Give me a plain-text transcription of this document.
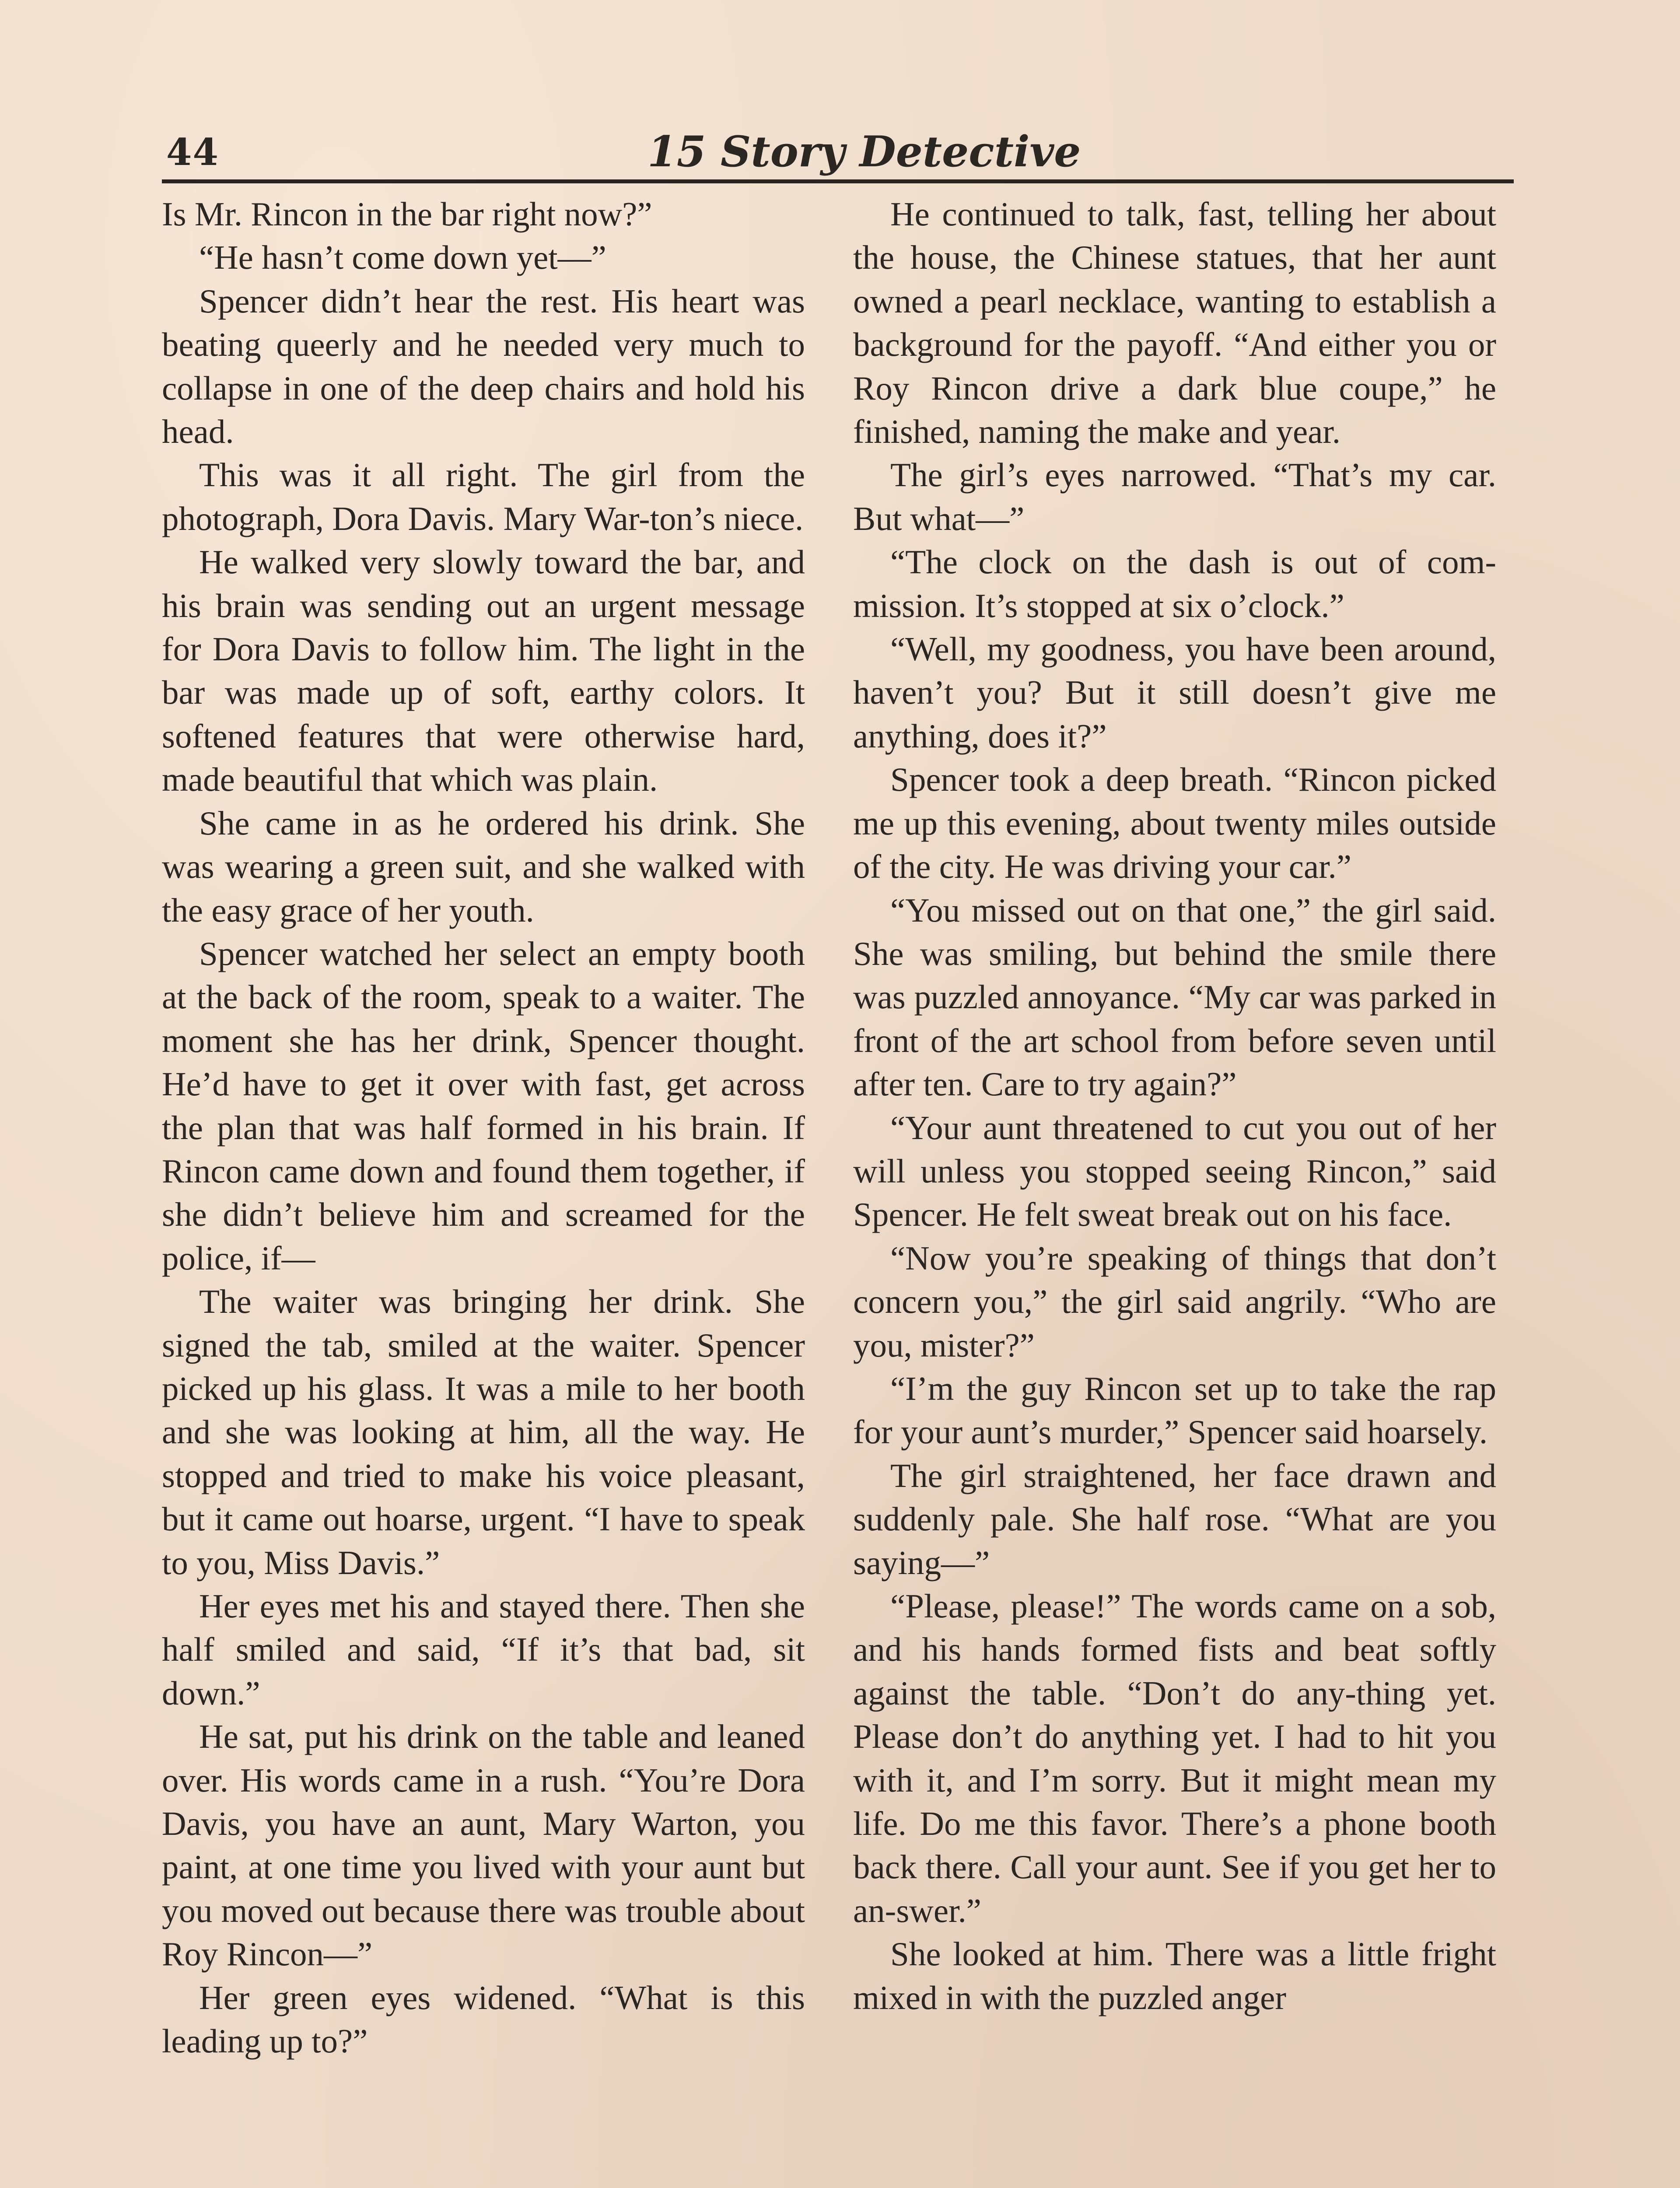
44	15 Story Detective

Is Mr. Rincon in the bar right now?”

“He hasn’t come down yet—”

Spencer didn’t hear the rest. His heart was beating queerly and he needed very much to collapse in one of the deep chairs and hold his head.

This was it all right. The girl from the photograph, Dora Davis. Mary War-ton’s niece.

He walked very slowly toward the bar, and his brain was sending out an urgent message for Dora Davis to follow him. The light in the bar was made up of soft, earthy colors. It softened features that were otherwise hard, made beautiful that which was plain.

She came in as he ordered his drink. She was wearing a green suit, and she walked with the easy grace of her youth.

Spencer watched her select an empty booth at the back of the room, speak to a waiter. The moment she has her drink, Spencer thought. He’d have to get it over with fast, get across the plan that was half formed in his brain. If Rincon came down and found them together, if she didn’t believe him and screamed for the police, if—

The waiter was bringing her drink. She signed the tab, smiled at the waiter. Spencer picked up his glass. It was a mile to her booth and she was looking at him, all the way. He stopped and tried to make his voice pleasant, but it came out hoarse, urgent. “I have to speak to you, Miss Davis.”

Her eyes met his and stayed there. Then she half smiled and said, “If it’s that bad, sit down.”

He sat, put his drink on the table and leaned over. His words came in a rush. “You’re Dora Davis, you have an aunt, Mary Warton, you paint, at one time you lived with your aunt but you moved out because there was trouble about Roy Rincon—”

Her green eyes widened. “What is this leading up to?”

He continued to talk, fast, telling her about the house, the Chinese statues, that her aunt owned a pearl necklace, wanting to establish a background for the payoff. “And either you or Roy Rincon drive a dark blue coupe,” he finished, naming the make and year.

The girl’s eyes narrowed. “That’s my car. But what—”

“The clock on the dash is out of com-mission. It’s stopped at six o’clock.”

“Well, my goodness, you have been around, haven’t you? But it still doesn’t give me anything, does it?”

Spencer took a deep breath. “Rincon picked me up this evening, about twenty miles outside of the city. He was driving your car.”

“You missed out on that one,” the girl said. She was smiling, but behind the smile there was puzzled annoyance. “My car was parked in front of the art school from before seven until after ten. Care to try again?”

“Your aunt threatened to cut you out of her will unless you stopped seeing Rincon,” said Spencer. He felt sweat break out on his face.

“Now you’re speaking of things that don’t concern you,” the girl said angrily. “Who are you, mister?”

“I’m the guy Rincon set up to take the rap for your aunt’s murder,” Spencer said hoarsely.

The girl straightened, her face drawn and suddenly pale. She half rose. “What are you saying—”

“Please, please!” The words came on a sob, and his hands formed fists and beat softly against the table. “Don’t do any-thing yet. Please don’t do anything yet. I had to hit you with it, and I’m sorry. But it might mean my life. Do me this favor. There’s a phone booth back there. Call your aunt. See if you get her to an-swer.”

She looked at him. There was a little fright mixed in with the puzzled anger
